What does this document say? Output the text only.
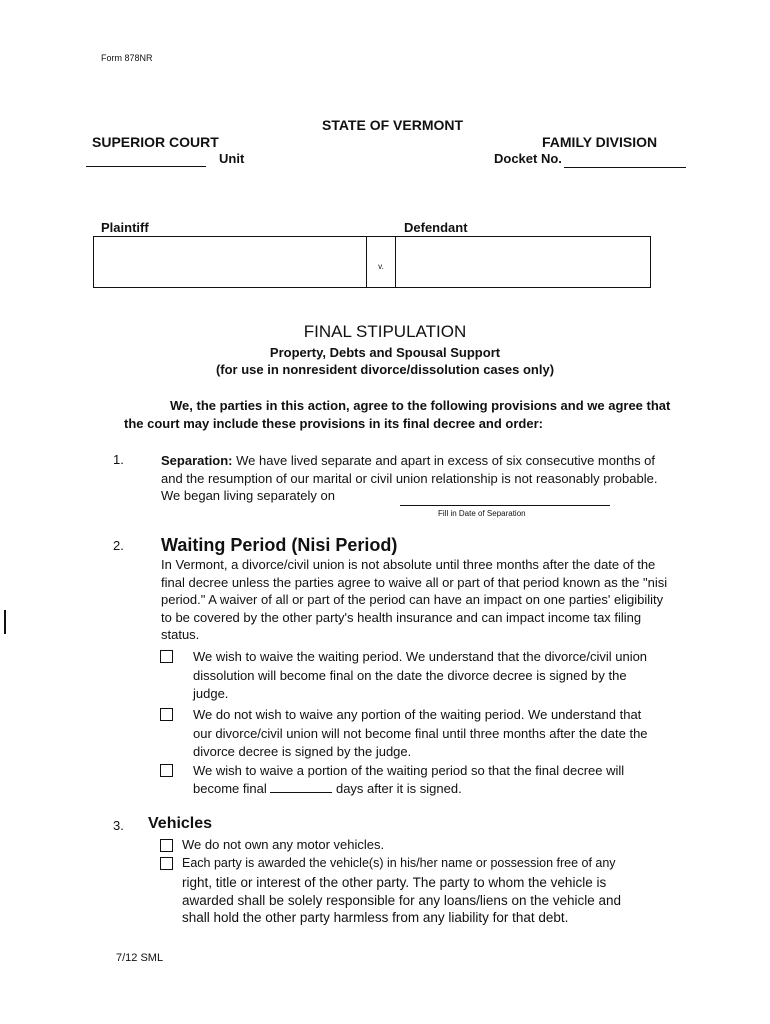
Form 878NR
STATE OF VERMONT
SUPERIOR COURT	FAMILY DIVISION
Unit	Docket No.
Plaintiff	Defendant
v.
FINAL STIPULATION
Property, Debts and Spousal Support
(for use in nonresident divorce/dissolution cases only)
We, the parties in this action, agree to the following provisions and we agree that
the court may include these provisions in its final decree and order:
1.	Separation: We have lived separate and apart in excess of six consecutive months of and the resumption of our marital or civil union relationship is not reasonably probable. We began living separately on
Fill in Date of Separation
2. Waiting Period (Nisi Period)
In Vermont, a divorce/civil union is not absolute until three months after the date of the final decree unless the parties agree to waive all or part of that period known as the "nisi period." A waiver of all or part of the period can have an impact on one parties' eligibility to be covered by the other party's health insurance and can impact income tax filing status.
We wish to waive the waiting period. We understand that the divorce/civil union dissolution will become final on the date the divorce decree is signed by the judge.
We do not wish to waive any portion of the waiting period. We understand that our divorce/civil union will not become final until three months after the date the divorce decree is signed by the judge.
We wish to waive a portion of the waiting period so that the final decree will
become final	days after it is signed.
3. Vehicles
We do not own any motor vehicles.
Each party is awarded the vehicle(s) in his/her name or possession free of any
right, title or interest of the other party. The party to whom the vehicle is awarded shall be solely responsible for any loans/liens on the vehicle and shall hold the other party harmless from any liability for that debt.
7/12 SML
